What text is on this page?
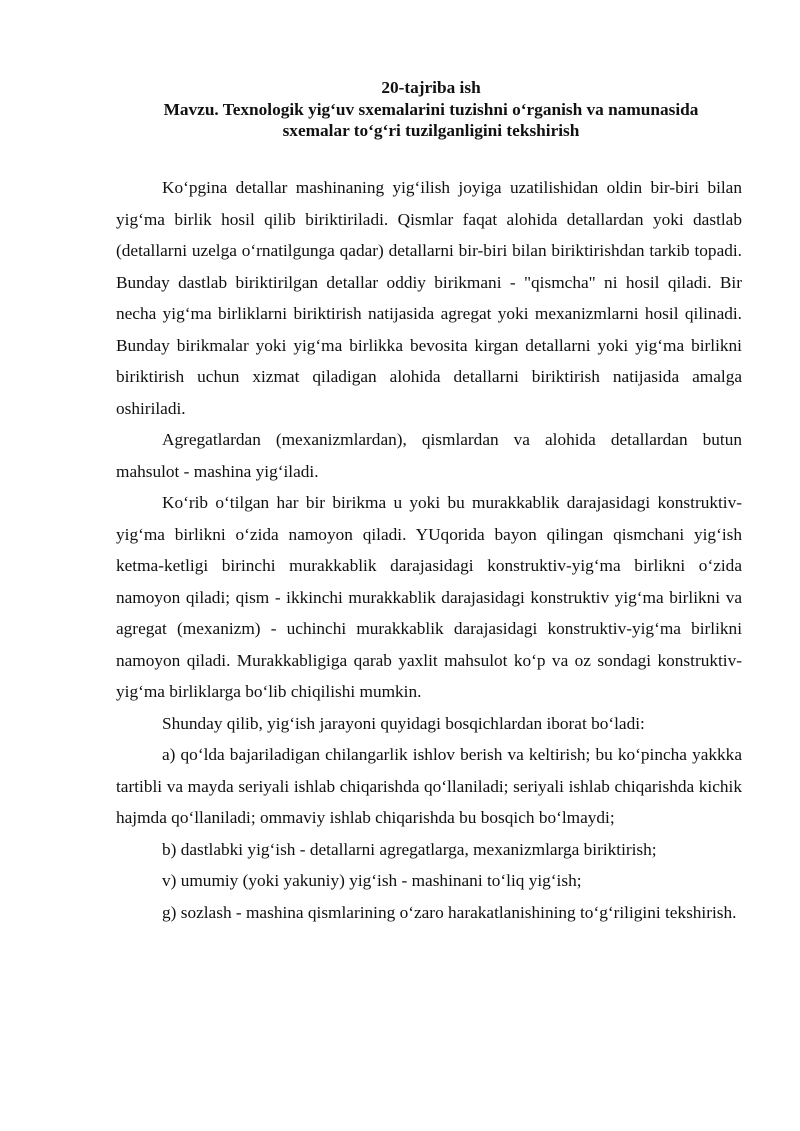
20-tajriba ish
Mavzu. Texnologik yig‘uv sxemalarini tuzishni o‘rganish va namunasida
sxemalar to‘g‘ri tuzilganligini tekshirish

Ko‘pgina detallar mashinaning yig‘ilish joyiga uzatilishidan oldin bir-biri bilan yig‘ma birlik hosil qilib biriktiriladi. Qismlar faqat alohida detallardan yoki dastlab (detallarni uzelga o‘rnatilgunga qadar) detallarni bir-biri bilan biriktirishdan tarkib topadi. Bunday dastlab biriktirilgan detallar oddiy birikmani - "qismcha" ni hosil qiladi. Bir necha yig‘ma birliklarni biriktirish natijasida agregat yoki mexanizmlarni hosil qilinadi. Bunday birikmalar yoki yig‘ma birlikka bevosita kirgan detallarni yoki yig‘ma birlikni biriktirish uchun xizmat qiladigan alohida detallarni biriktirish natijasida amalga oshiriladi.

Agregatlardan (mexanizmlardan), qismlardan va alohida detallardan butun mahsulot - mashina yig‘iladi.

Ko‘rib o‘tilgan har bir birikma u yoki bu murakkablik darajasidagi konstruktiv-yig‘ma birlikni o‘zida namoyon qiladi. YUqorida bayon qilingan qismchani yig‘ish ketma-ketligi birinchi murakkablik darajasidagi konstruktiv-yig‘ma birlikni o‘zida namoyon qiladi; qism - ikkinchi murakkablik darajasidagi konstruktiv yig‘ma birlikni va agregat (mexanizm) - uchinchi murakkablik darajasidagi konstruktiv-yig‘ma birlikni namoyon qiladi. Murakkabligiga qarab yaxlit mahsulot ko‘p va oz sondagi konstruktiv-yig‘ma birliklarga bo‘lib chiqilishi mumkin.

Shunday qilib, yig‘ish jarayoni quyidagi bosqichlardan iborat bo‘ladi:

a) qo‘lda bajariladigan chilangarlik ishlov berish va keltirish; bu ko‘pincha yakkka tartibli va mayda seriyali ishlab chiqarishda qo‘llaniladi; seriyali ishlab chiqarishda kichik hajmda qo‘llaniladi; ommaviy ishlab chiqarishda bu bosqich bo‘lmaydi;

b) dastlabki yig‘ish - detallarni agregatlarga, mexanizmlarga biriktirish;

v) umumiy (yoki yakuniy) yig‘ish - mashinani to‘liq yig‘ish;

g) sozlash - mashina qismlarining o‘zaro harakatlanishining to‘g‘riligini tekshirish.
